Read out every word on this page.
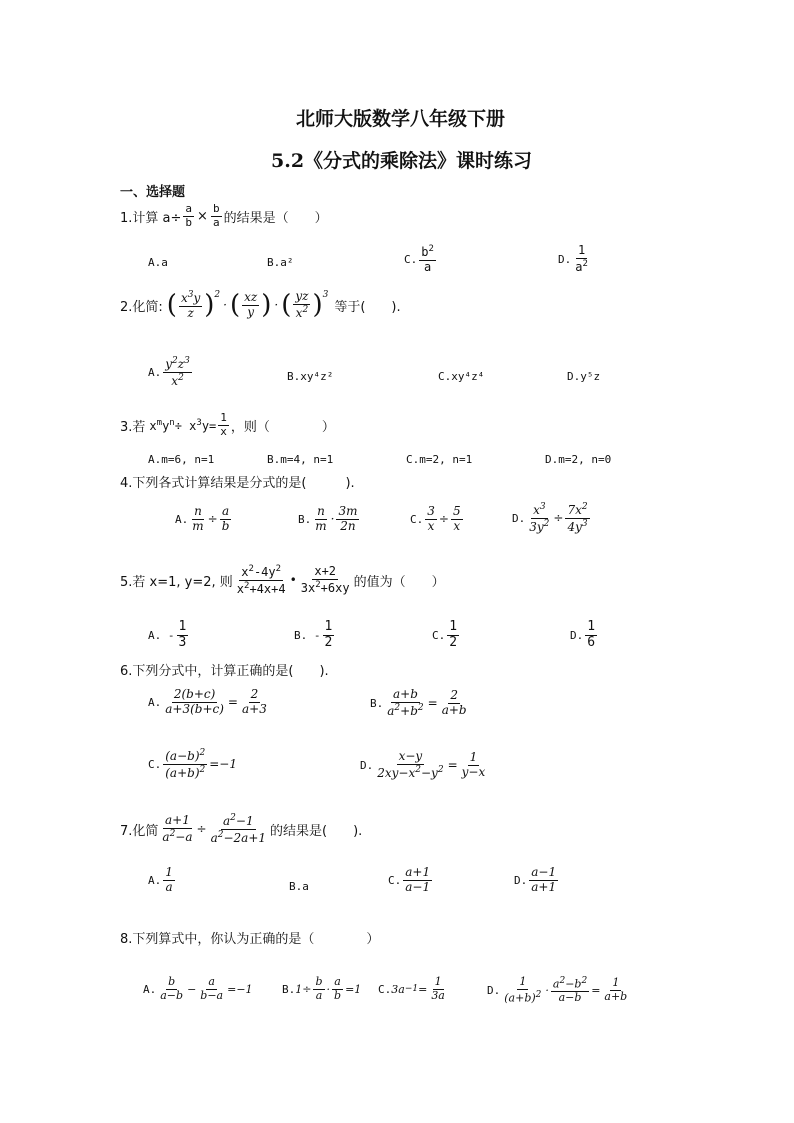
北师大版数学八年级下册
5.2《分式的乘除法》课时练习
一、选择题
1.计算 $a\div \frac{a}{b} \times \frac{b}{a}$ 的结果是（　　）
A.a	B.a²	C. $\frac{b^2}{a}$	D. $\frac{1}{a^2}$
2.化简: ( $\frac{x^3y}{z}$ ) 2
· ( $\frac{xz}{y}$ ) · ( $\frac{yz}{x^2}$ ) 3
等于(　　).
A. $\frac{y^2z^3}{x^2}$	B.xy⁴z²	C.xy⁴z⁴	D.y⁵z
3.若 $x^my^n\div x^3y= \frac{1}{x}$ ，则（　　　　）
A.m=6, n=1	B.m=4, n=1	C.m=2, n=1	D.m=2, n=0
4.下列各式计算结果是分式的是(　　　).
A. $\frac{n}{m} \div \frac{a}{b}$	B. $\frac{n}{m} \cdot \frac{3m}{2n}$	C. $\frac{3}{x} \div \frac{5}{x}$	D. $\frac{x^3}{3y^2} \div \frac{7x^2}{4y^3}$
5.若 x=1, y=2, 则 $\frac{x^2-4y^2}{x^2+4x+4}$ • $\frac{x+2}{3x^2+6xy}$ 的值为（　　）
A. - $\frac{1}{3}$	B. - $\frac{1}{2}$	C. $\frac{1}{2}$	D. $\frac{1}{6}$
6.下列分式中，计算正确的是(　　).
A. $\frac{2(b+c)}{a+3(b+c)} = \frac{2}{a+3}$	B. $\frac{a+b}{a^2+b^2} = \frac{2}{a+b}$
C. $\frac{(a-b)^2}{(a+b)^2} =-1$	D. $\frac{x-y}{2xy-x^2-y^2} = \frac{1}{y-x}$
7.化简 $\frac{a+1}{a^2-a} \div \frac{a^2-1}{a^2-2a+1}$ 的结果是(　　).
A. $\frac{1}{a}$	B.a	C. $\frac{a+1}{a-1}$	D. $\frac{a-1}{a+1}$
8.下列算式中，你认为正确的是（　　　　）
A. $\frac{b}{a-b} - \frac{a}{b-a} =-1$	B. $1\div \frac{b}{a} \cdot \frac{a}{b} =1$ C. $3a -1 = \frac{1}{3a}$	D. $\frac{1}{(a+b)^2} \cdot \frac{a^2-b^2}{a-b} = \frac{1}{a+b}$
